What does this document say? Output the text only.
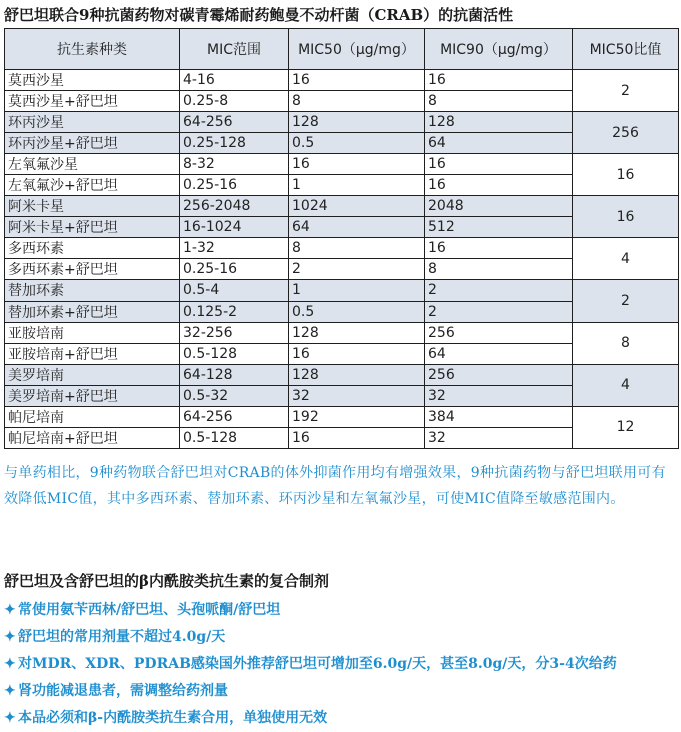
舒巴坦联合9种抗菌药物对碳青霉烯耐药鲍曼不动杆菌（CRAB）的抗菌活性
抗生素种类	MIC范围	MIC50（μg/mg）	MIC90（μg/mg）	MIC50比值
莫西沙星	4-16	16	16	2
莫西沙星+舒巴坦	0.25-8	8	8	
环丙沙星	64-256	128	128	256
环丙沙星+舒巴坦	0.25-128	0.5	64	
左氧氟沙星	8-32	16	16	16
左氧氟沙+舒巴坦	0.25-16	1	16	
阿米卡星	256-2048	1024	2048	16
阿米卡星+舒巴坦	16-1024	64	512	
多西环素	1-32	8	16	4
多西环素+舒巴坦	0.25-16	2	8	
替加环素	0.5-4	1	2	2
替加环素+舒巴坦	0.125-2	0.5	2	
亚胺培南	32-256	128	256	8
亚胺培南+舒巴坦	0.5-128	16	64	
美罗培南	64-128	128	256	4
美罗培南+舒巴坦	0.5-32	32	32	
帕尼培南	64-256	192	384	12
帕尼培南+舒巴坦	0.5-128	16	32	
与单药相比，9种药物联合舒巴坦对CRAB的体外抑菌作用均有增强效果，9种抗菌药物与舒巴坦联用可有效降低MIC值，其中多西环素、替加环素、环丙沙星和左氧氟沙星，可使MIC值降至敏感范围内。
舒巴坦及含舒巴坦的β内酰胺类抗生素的复合制剂
✦ 常使用氨苄西林/舒巴坦、头孢哌酮/舒巴坦
✦ 舒巴坦的常用剂量不超过4.0g/天
✦ 对MDR、XDR、PDRAB感染国外推荐舒巴坦可增加至6.0g/天，甚至8.0g/天，分3-4次给药
✦ 肾功能减退患者，需调整给药剂量
✦ 本品必须和β-内酰胺类抗生素合用，单独使用无效
